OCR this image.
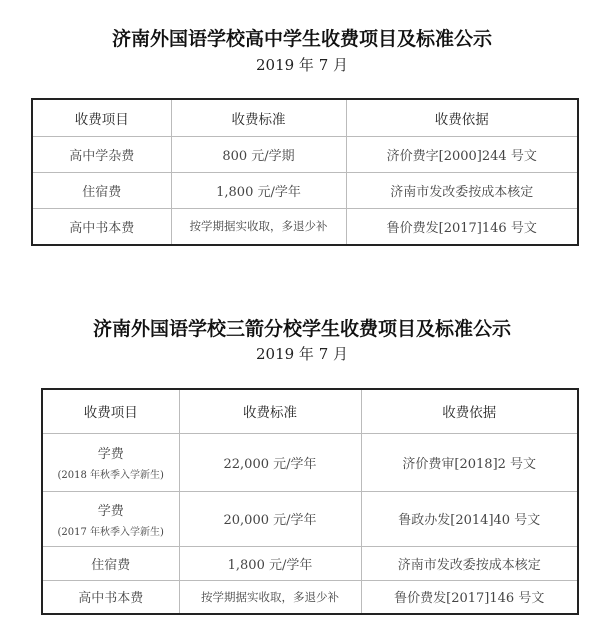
济南外国语学校高中学生收费项目及标准公示
2019 年 7 月
收费项目	收费标准	收费依据
高中学杂费	800 元/学期	济价费字[2000]244 号文
住宿费	1,800 元/学年	济南市发改委按成本核定
高中书本费	按学期据实收取，多退少补	鲁价费发[2017]146 号文
济南外国语学校三箭分校学生收费项目及标准公示
2019 年 7 月
收费项目	收费标准	收费依据
学费
(2018 年秋季入学新生)	22,000 元/学年	济价费审[2018]2 号文
学费
(2017 年秋季入学新生)	20,000 元/学年	鲁政办发[2014]40 号文
住宿费	1,800 元/学年	济南市发改委按成本核定
高中书本费	按学期据实收取，多退少补	鲁价费发[2017]146 号文
